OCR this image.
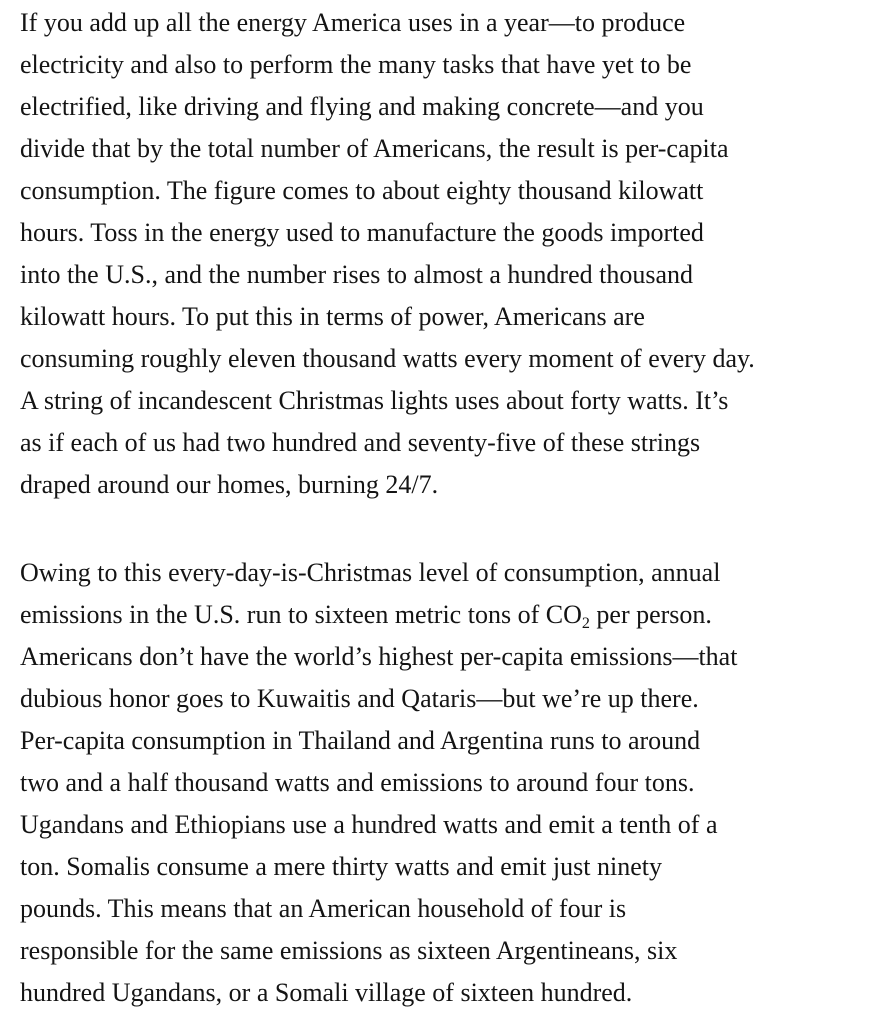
If you add up all the energy America uses in a year—to produce
electricity and also to perform the many tasks that have yet to be
electrified, like driving and flying and making concrete—and you
divide that by the total number of Americans, the result is per-capita
consumption. The figure comes to about eighty thousand kilowatt
hours. Toss in the energy used to manufacture the goods imported
into the U.S., and the number rises to almost a hundred thousand
kilowatt hours. To put this in terms of power, Americans are
consuming roughly eleven thousand watts every moment of every day.
A string of incandescent Christmas lights uses about forty watts. It’s
as if each of us had two hundred and seventy-five of these strings
draped around our homes, burning 24/7.
Owing to this every-day-is-Christmas level of consumption, annual
emissions in the U.S. run to sixteen metric tons of $CO_2$ per person.
Americans don’t have the world’s highest per-capita emissions—that
dubious honor goes to Kuwaitis and Qataris—but we’re up there.
Per-capita consumption in Thailand and Argentina runs to around
two and a half thousand watts and emissions to around four tons.
Ugandans and Ethiopians use a hundred watts and emit a tenth of a
ton. Somalis consume a mere thirty watts and emit just ninety
pounds. This means that an American household of four is
responsible for the same emissions as sixteen Argentineans, six
hundred Ugandans, or a Somali village of sixteen hundred.
